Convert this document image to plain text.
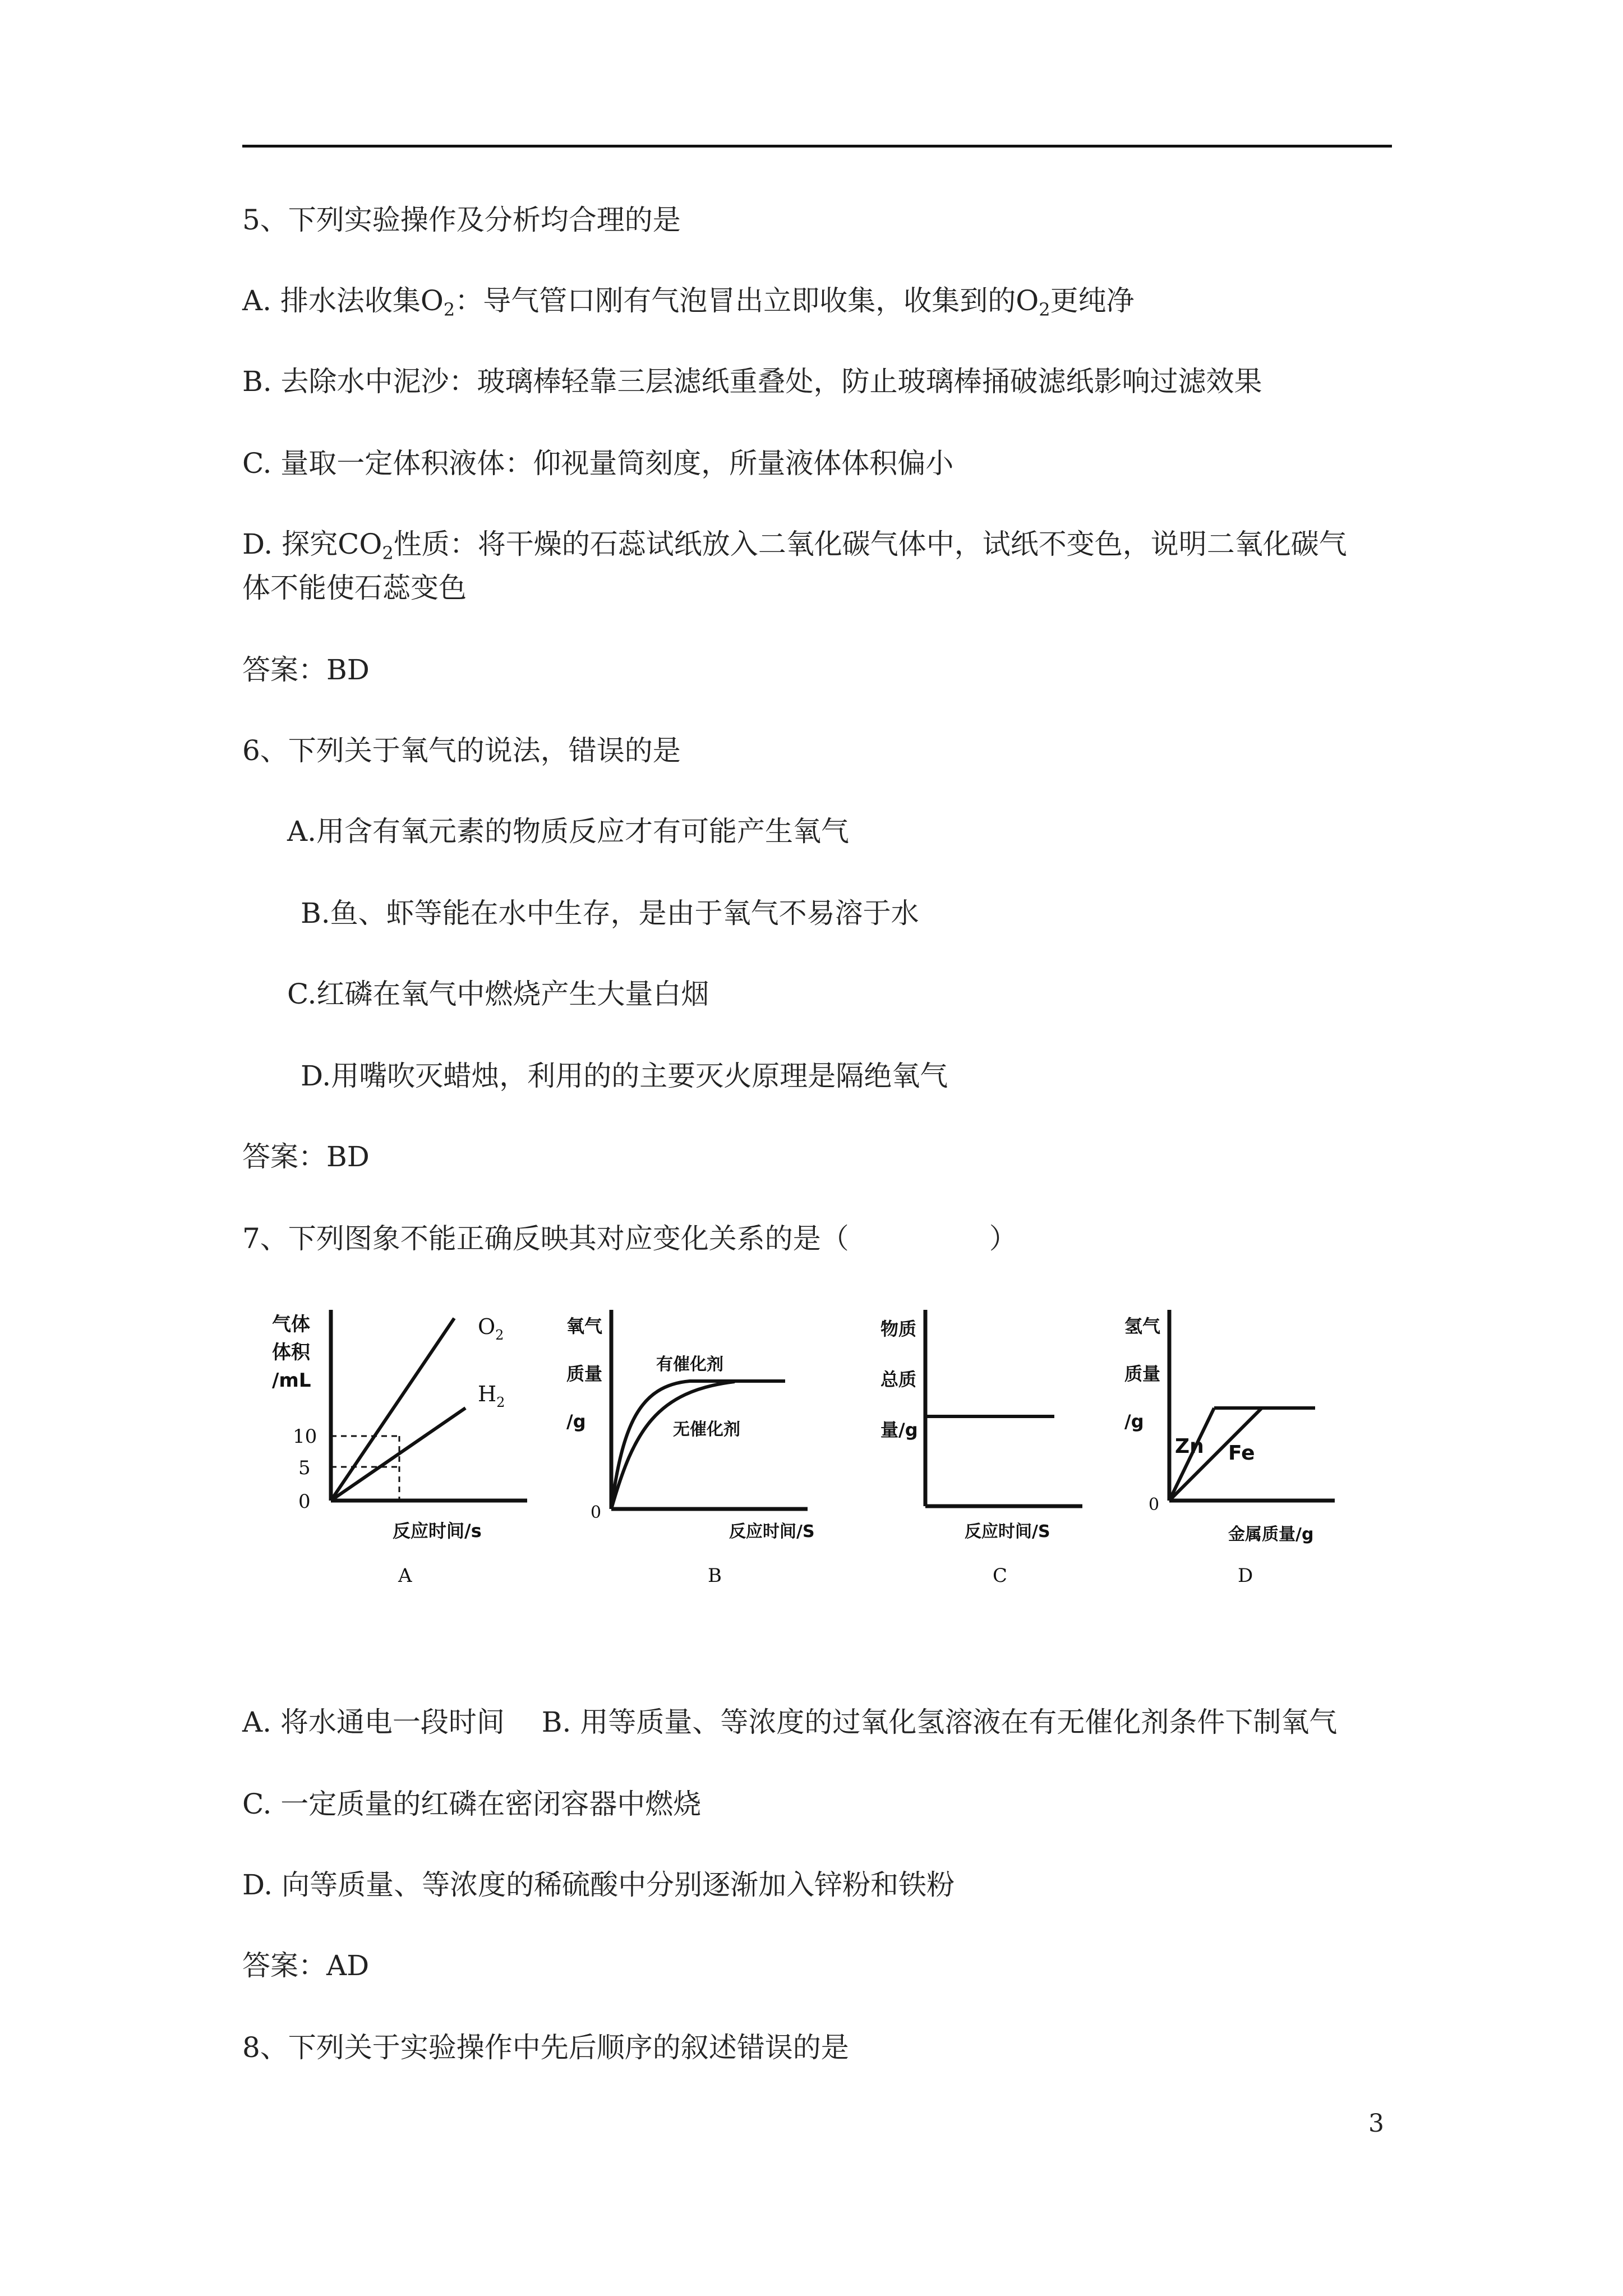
5、下列实验操作及分析均合理的是
A. 排水法收集$O_2$：导气管口刚有气泡冒出立即收集，收集到的$O_2$更纯净
B. 去除水中泥沙：玻璃棒轻靠三层滤纸重叠处，防止玻璃棒捅破滤纸影响过滤效果
C. 量取一定体积液体：仰视量筒刻度，所量液体体积偏小
D. 探究$CO_2$性质：将干燥的石蕊试纸放入二氧化碳气体中，试纸不变色，说明二氧化碳气
体不能使石蕊变色
答案：BD
6、下列关于氧气的说法，错误的是
A.用含有氧元素的物质反应才有可能产生氧气
B.鱼、虾等能在水中生存，是由于氧气不易溶于水
C.红磷在氧气中燃烧产生大量白烟
D.用嘴吹灭蜡烛，利用的的主要灭火原理是隔绝氧气
答案：BD
7、下列图象不能正确反映其对应变化关系的是（　　　　　）
气体
体积
/mL
10
5
0
$O_2$
$H_2$
反应时间/s
A
氧气
质量
/g
有催化剂
无催化剂
0
反应时间/S
B
物质
总质
量/g
反应时间/S
C
氢气
质量
/g
Zn Fe
0
金属质量/g
D
A. 将水通电一段时间　 B. 用等质量、等浓度的过氧化氢溶液在有无催化剂条件下制氧气
C. 一定质量的红磷在密闭容器中燃烧
D. 向等质量、等浓度的稀硫酸中分别逐渐加入锌粉和铁粉
答案：AD
8、下列关于实验操作中先后顺序的叙述错误的是
3
